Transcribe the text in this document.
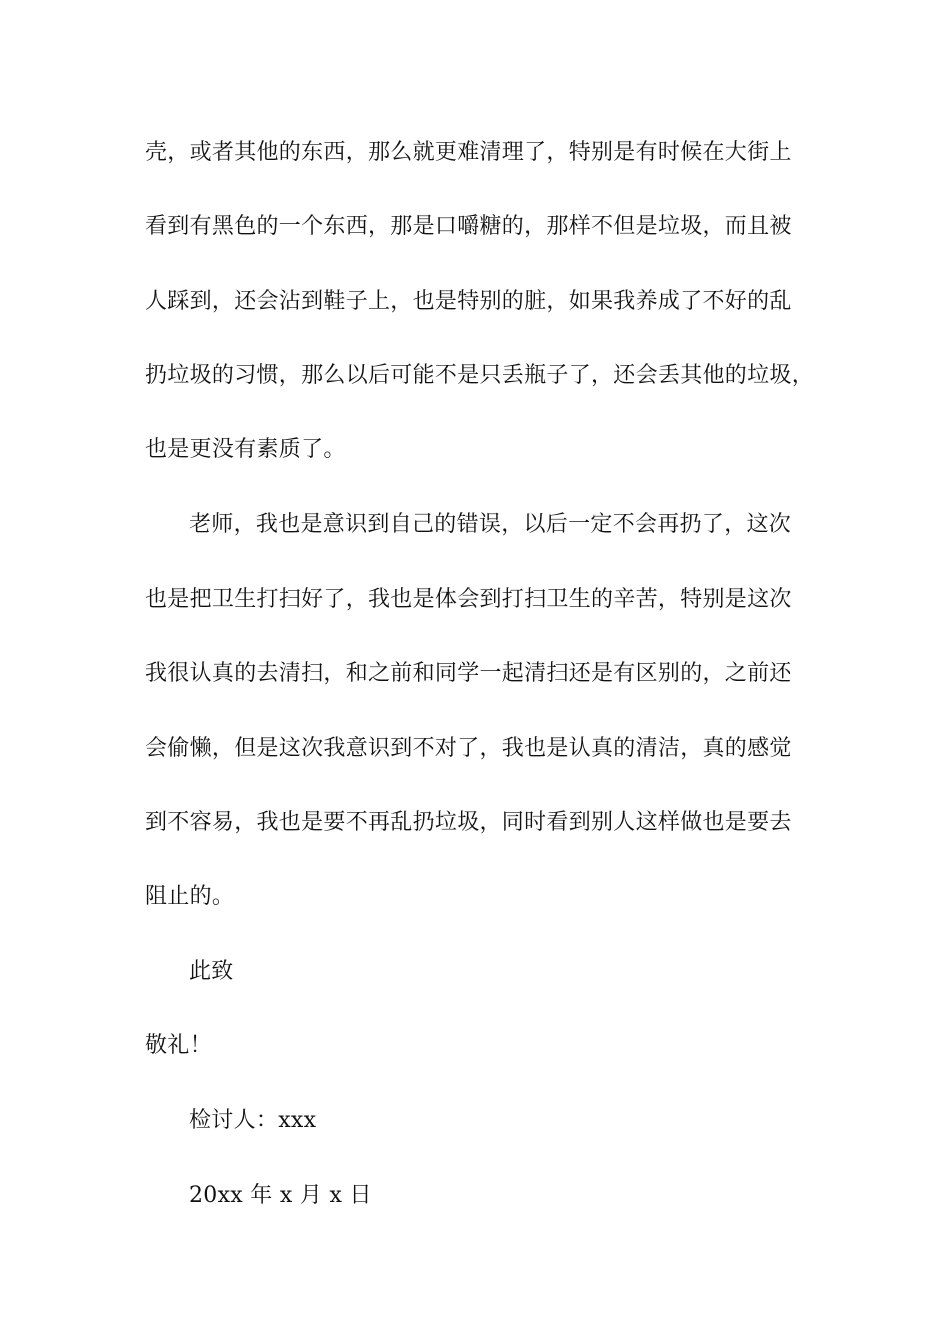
壳，或者其他的东西，那么就更难清理了，特别是有时候在大街上
看到有黑色的一个东西，那是口嚼糖的，那样不但是垃圾，而且被
人踩到，还会沾到鞋子上，也是特别的脏，如果我养成了不好的乱
扔垃圾的习惯，那么以后可能不是只丢瓶子了，还会丢其他的垃圾，
也是更没有素质了。
老师，我也是意识到自己的错误，以后一定不会再扔了，这次
也是把卫生打扫好了，我也是体会到打扫卫生的辛苦，特别是这次
我很认真的去清扫，和之前和同学一起清扫还是有区别的，之前还
会偷懒，但是这次我意识到不对了，我也是认真的清洁，真的感觉
到不容易，我也是要不再乱扔垃圾，同时看到别人这样做也是要去
阻止的。
此致
敬礼！
检讨人：xxx
20xx 年 x 月 x 日
